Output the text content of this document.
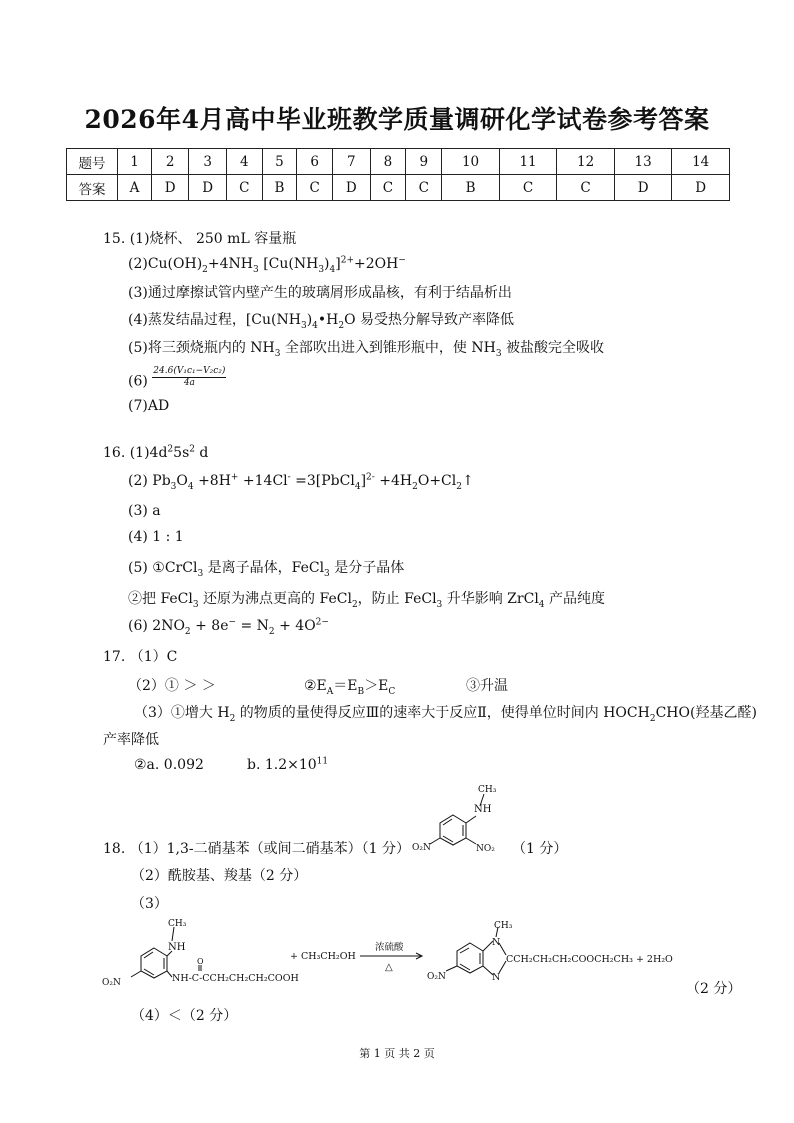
2026年4月高中毕业班教学质量调研化学试卷参考答案
题号	1	2	3	4	5	6	7	8	9	10	11	12	13	14
答案	A	D	D	C	B	C	D	C	C	B	C	C	D	D
15. (1)烧杯、 250 mL 容量瓶
$(2)Cu(OH)_2+4NH_3$ $[Cu(NH_3)_4]^{2+}+2OH^-$
(3)通过摩擦试管内壁产生的玻璃屑形成晶核，有利于结晶析出
(4)蒸发结晶过程，[$Cu(NH_3)_4•H_2O$ 易受热分解导致产率降低
(5)将三颈烧瓶内的 $NH_3$ 全部吹出进入到锥形瓶中，使 $NH_3$ 被盐酸完全吸收
$(6) \frac{\text{24.6(V₁c₁−V₂c₂)}}{4a}$
(7)AD
16. $(1)4d^25s^2$ d
(2) $Pb_3O_4 +8H^+ +14Cl^-$ =3[PbCl$_4$]$^{2-}$ $+4H_2O+Cl_2↑$
(3) a
(4) 1 : 1
(5) ①CrCl$_3$ 是离子晶体，FeCl$_3$ 是分子晶体
②把 FeCl$_3$ 还原为沸点更高的 FeCl$_2$，防止 FeCl$_3$ 升华影响 ZrCl$_4$ 产品纯度
(6) $2NO_2 + 8e^- = N_2 + 4O^{2-}$
17. （1）C
（2）① ＞ ＞	$②E_A=E_B>E_C$	③升温
（3）①增大 $H_2$ 的物质的量使得反应Ⅲ的速率大于反应Ⅱ，使得单位时间内 $HOCH_2CHO$(羟基乙醛)
产率降低
②a. 0.092	b. $1.2\times 10^{11}$
CH₃
NH
NO₂
O₂N
18. （1）1,3-二硝基苯（或间二硝基苯）（1 分）	（1 分）
（2）酰胺基、羧基（2 分）
（3）
CH₃
NH
O
NH-C-CCH₂CH₂CH₂COOH
O₂N
+ CH₃CH₂OH
浓硫酸
△
CH₃
N
N
CCH₂CH₂CH₂COOCH₂CH₃ + 2H₂O
O₂N
（2 分）
（4）＜（2 分）
第 1 页 共 2 页
